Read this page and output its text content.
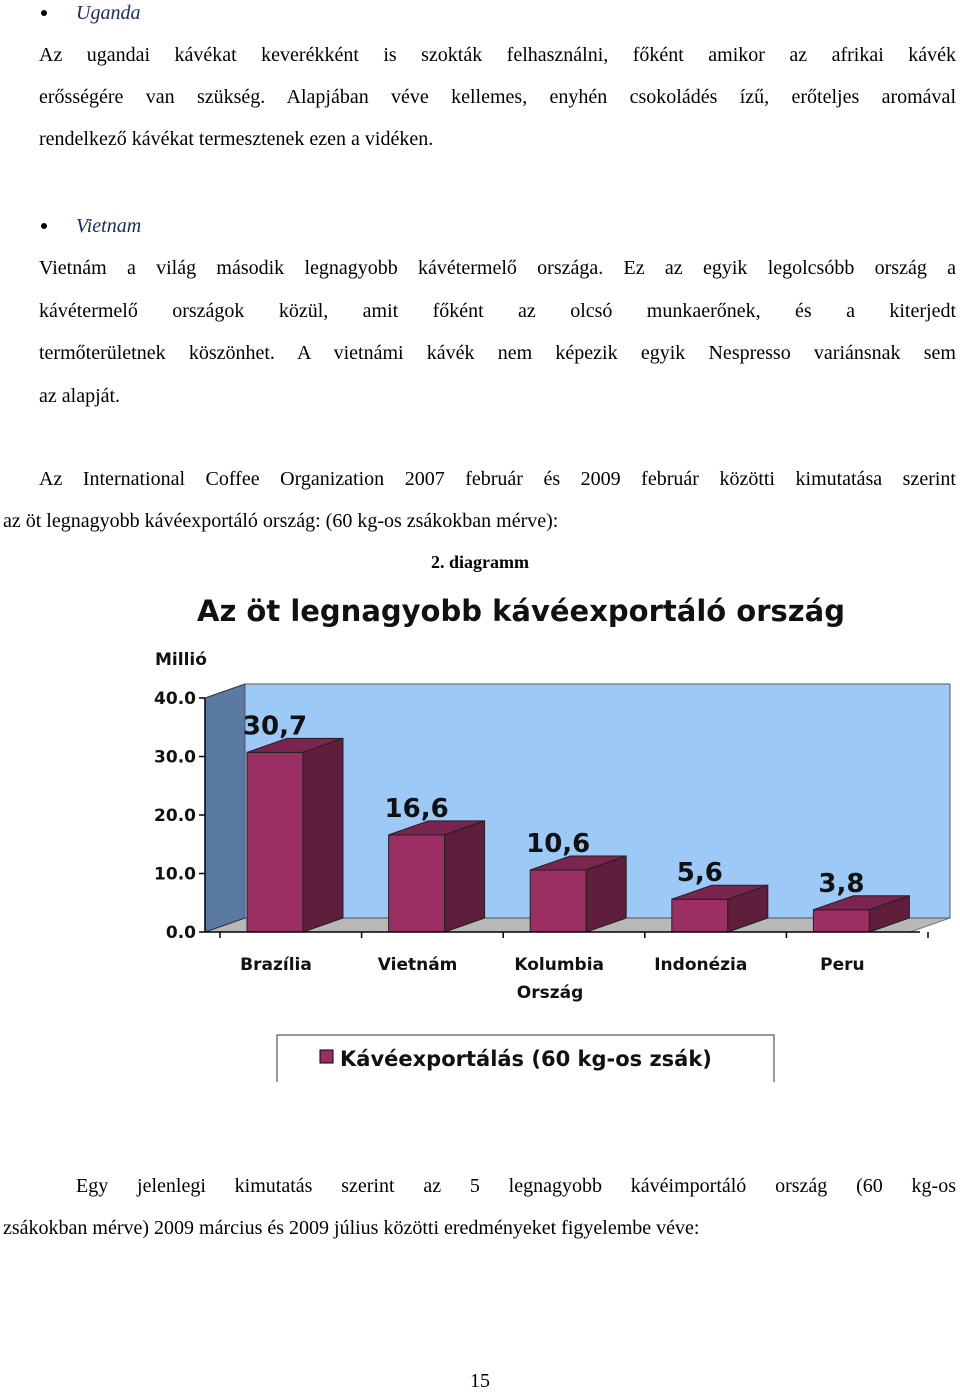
Uganda
Az ugandai kávékat keverékként is szokták felhasználni, főként amikor az afrikai kávék
erősségére van szükség. Alapjában véve kellemes, enyhén csokoládés ízű, erőteljes aromával
rendelkező kávékat termesztenek ezen a vidéken.
Vietnam
Vietnám a világ második legnagyobb kávétermelő országa. Ez az egyik legolcsóbb ország a
kávétermelő országok közül, amit főként az olcsó munkaerőnek, és a kiterjedt
termőterületnek köszönhet. A vietnámi kávék nem képezik egyik Nespresso variánsnak sem
az alapját.
Az International Coffee Organization 2007 február és 2009 február közötti kimutatása szerint
az öt legnagyobb kávéexportáló ország: (60 kg-os zsákokban mérve):
2. diagramm
Az öt legnagyobb kávéexportáló ország
Millió
0.0
10.0
20.0
30.0
40.0
30,7
16,6
10,6
5,6	3,8
Brazília	Vietnám	Kolumbia	Indonézia	Peru
Ország
Kávéexportálás (60 kg-os zsák)
Egy jelenlegi kimutatás szerint az 5 legnagyobb kávéimportáló ország (60 kg-os
zsákokban mérve) 2009 március és 2009 július közötti eredményeket figyelembe véve:
15
